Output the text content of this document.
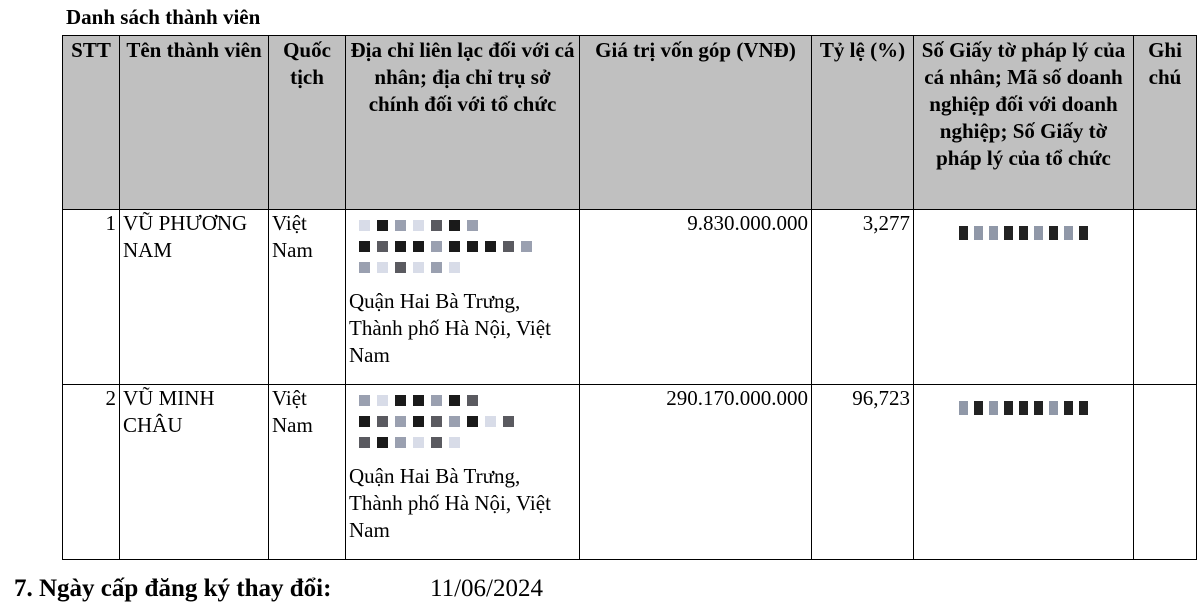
Danh sách thành viên
STT	Tên thành viên	Quốc tịch	Địa chỉ liên lạc đối với cá nhân; địa chỉ trụ sở chính đối với tổ chức	Giá trị vốn góp (VNĐ)	Tỷ lệ (%)	Số Giấy tờ pháp lý của cá nhân; Mã số doanh nghiệp đối với doanh nghiệp; Số Giấy tờ pháp lý của tổ chức	Ghi chú
1	VŨ PHƯƠNG NAM	Việt Nam	Quận Hai Bà Trưng, Thành phố Hà Nội, Việt Nam	9.830.000.000	3,277	

2	VŨ MINH CHÂU	Việt Nam	Quận Hai Bà Trưng, Thành phố Hà Nội, Việt Nam	290.170.000.000	96,723	

7. Ngày cấp đăng ký thay đổi:	11/06/2024
